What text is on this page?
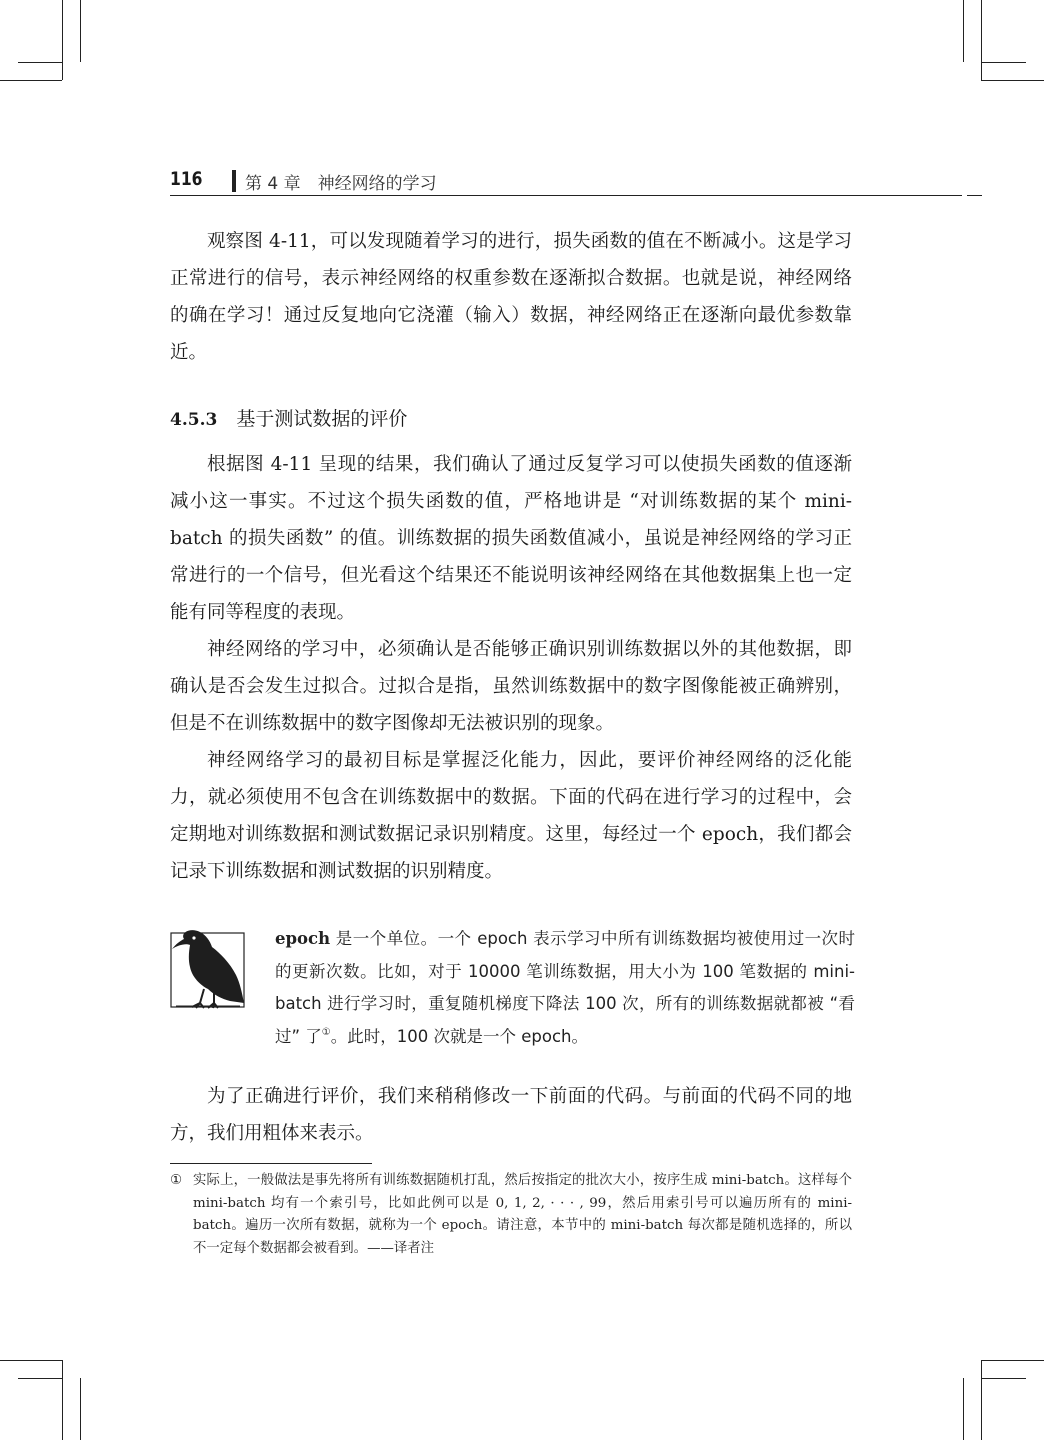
116 第 4 章　神经网络的学习

观察图 4-11，可以发现随着学习的进行，损失函数的值在不断减小。这是学习正常进行的信号，表示神经网络的权重参数在逐渐拟合数据。也就是说，神经网络的确在学习！通过反复地向它浇灌（输入）数据，神经网络正在逐渐向最优参数靠近。

4.5.3　基于测试数据的评价

根据图 4-11 呈现的结果，我们确认了通过反复学习可以使损失函数的值逐渐减小这一事实。不过这个损失函数的值，严格地讲是 “对训练数据的某个 mini-batch 的损失函数” 的值。训练数据的损失函数值减小，虽说是神经网络的学习正常进行的一个信号，但光看这个结果还不能说明该神经网络在其他数据集上也一定能有同等程度的表现。

神经网络的学习中，必须确认是否能够正确识别训练数据以外的其他数据，即确认是否会发生过拟合。过拟合是指，虽然训练数据中的数字图像能被正确辨别，但是不在训练数据中的数字图像却无法被识别的现象。

神经网络学习的最初目标是掌握泛化能力，因此，要评价神经网络的泛化能力，就必须使用不包含在训练数据中的数据。下面的代码在进行学习的过程中，会定期地对训练数据和测试数据记录识别精度。这里，每经过一个 epoch，我们都会记录下训练数据和测试数据的识别精度。

epoch 是一个单位。一个 epoch 表示学习中所有训练数据均被使用过一次时的更新次数。比如，对于 10000 笔训练数据，用大小为 100 笔数据的 mini-batch 进行学习时，重复随机梯度下降法 100 次，所有的训练数据就都被 “看过” 了①。此时，100 次就是一个 epoch。

为了正确进行评价，我们来稍稍修改一下前面的代码。与前面的代码不同的地方，我们用粗体来表示。

① 实际上，一般做法是事先将所有训练数据随机打乱，然后按指定的批次大小，按序生成 mini-batch。这样每个 mini-batch 均有一个索引号，比如此例可以是 0, 1, 2, · · · , 99，然后用索引号可以遍历所有的 mini-batch。遍历一次所有数据，就称为一个 epoch。请注意，本节中的 mini-batch 每次都是随机选择的，所以不一定每个数据都会被看到。——译者注
